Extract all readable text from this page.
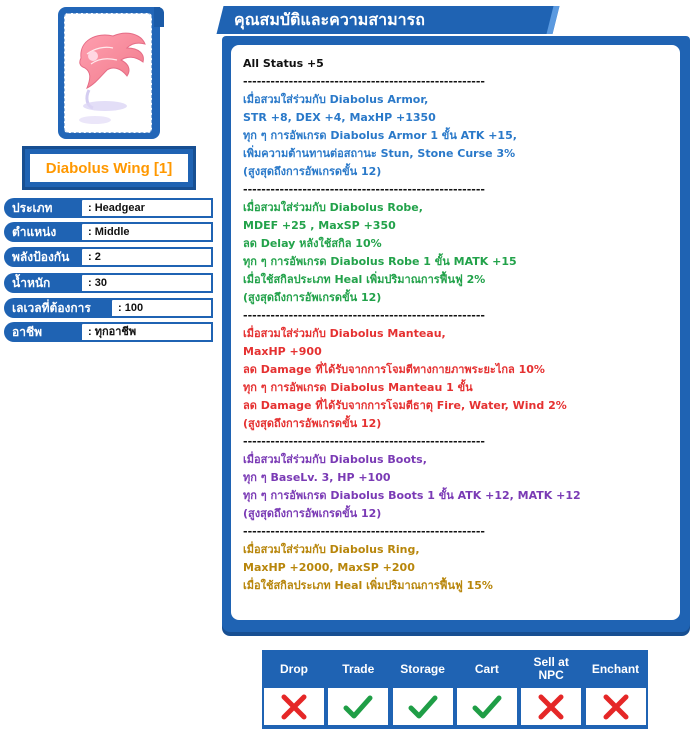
Diabolus Wing [1]
ประเภท	: Headgear
ตำแหน่ง	: Middle
พลังป้องกัน	: 2
น้ำหนัก	: 30
เลเวลที่ต้องการ	: 100
อาชีพ	: ทุกอาชีพ
คุณสมบัติและความสามารถ
All Status +5
-----------------------------------------------------
เมื่อสวมใส่ร่วมกับ Diabolus Armor,
STR +8, DEX +4, MaxHP +1350
ทุก ๆ การอัพเกรด Diabolus Armor 1 ขั้น ATK +15,
เพิ่มความต้านทานต่อสถานะ Stun, Stone Curse 3%
(สูงสุดถึงการอัพเกรดขั้น 12)
-----------------------------------------------------
เมื่อสวมใส่ร่วมกับ Diabolus Robe,
MDEF +25 , MaxSP +350
ลด Delay หลังใช้สกิล 10%
ทุก ๆ การอัพเกรด Diabolus Robe 1 ขั้น MATK +15
เมื่อใช้สกิลประเภท Heal เพิ่มปริมาณการฟื้นฟู 2%
(สูงสุดถึงการอัพเกรดขั้น 12)
-----------------------------------------------------
เมื่อสวมใส่ร่วมกับ Diabolus Manteau,
MaxHP +900
ลด Damage ที่ได้รับจากการโจมตีทางกายภาพระยะไกล 10%
ทุก ๆ การอัพเกรด Diabolus Manteau 1 ขั้น
ลด Damage ที่ได้รับจากการโจมตีธาตุ Fire, Water, Wind 2%
(สูงสุดถึงการอัพเกรดขั้น 12)
-----------------------------------------------------
เมื่อสวมใส่ร่วมกับ Diabolus Boots,
ทุก ๆ BaseLv. 3, HP +100
ทุก ๆ การอัพเกรด Diabolus Boots 1 ขั้น ATK +12, MATK +12
(สูงสุดถึงการอัพเกรดขั้น 12)
-----------------------------------------------------
เมื่อสวมใส่ร่วมกับ Diabolus Ring,
MaxHP +2000, MaxSP +200
เมื่อใช้สกิลประเภท Heal เพิ่มปริมาณการฟื้นฟู 15%
Drop	Trade	Storage	Cart	Sell at NPC	Enchant
